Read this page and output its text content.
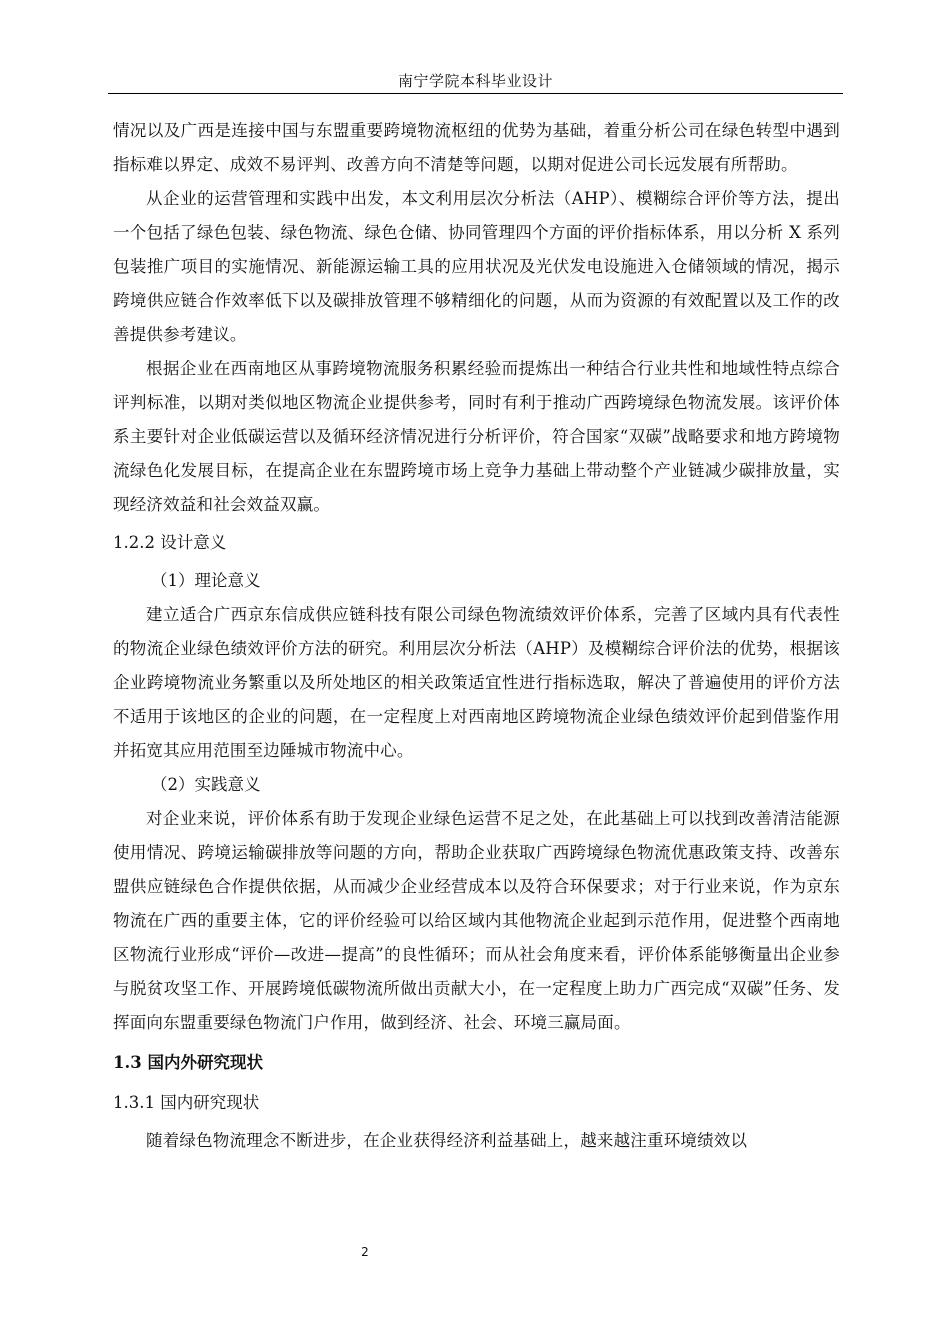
南宁学院本科毕业设计

情况以及广西是连接中国与东盟重要跨境物流枢纽的优势为基础，着重分析公司在绿色转型中遇到指标难以界定、成效不易评判、改善方向不清楚等问题，以期对促进公司长远发展有所帮助。

从企业的运营管理和实践中出发，本文利用层次分析法（AHP）、模糊综合评价等方法，提出一个包括了绿色包装、绿色物流、绿色仓储、协同管理四个方面的评价指标体系，用以分析 X 系列包装推广项目的实施情况、新能源运输工具的应用状况及光伏发电设施进入仓储领域的情况，揭示跨境供应链合作效率低下以及碳排放管理不够精细化的问题，从而为资源的有效配置以及工作的改善提供参考建议。

根据企业在西南地区从事跨境物流服务积累经验而提炼出一种结合行业共性和地域性特点综合评判标准，以期对类似地区物流企业提供参考，同时有利于推动广西跨境绿色物流发展。该评价体系主要针对企业低碳运营以及循环经济情况进行分析评价，符合国家“双碳”战略要求和地方跨境物流绿色化发展目标，在提高企业在东盟跨境市场上竞争力基础上带动整个产业链减少碳排放量，实现经济效益和社会效益双赢。

1.2.2 设计意义
（1）理论意义

建立适合广西京东信成供应链科技有限公司绿色物流绩效评价体系，完善了区域内具有代表性的物流企业绿色绩效评价方法的研究。利用层次分析法（AHP）及模糊综合评价法的优势，根据该企业跨境物流业务繁重以及所处地区的相关政策适宜性进行指标选取，解决了普遍使用的评价方法不适用于该地区的企业的问题，在一定程度上对西南地区跨境物流企业绿色绩效评价起到借鉴作用并拓宽其应用范围至边陲城市物流中心。

（2）实践意义

对企业来说，评价体系有助于发现企业绿色运营不足之处，在此基础上可以找到改善清洁能源使用情况、跨境运输碳排放等问题的方向，帮助企业获取广西跨境绿色物流优惠政策支持、改善东盟供应链绿色合作提供依据，从而减少企业经营成本以及符合环保要求；对于行业来说，作为京东物流在广西的重要主体，它的评价经验可以给区域内其他物流企业起到示范作用，促进整个西南地区物流行业形成“评价—改进—提高”的良性循环；而从社会角度来看，评价体系能够衡量出企业参与脱贫攻坚工作、开展跨境低碳物流所做出贡献大小，在一定程度上助力广西完成“双碳”任务、发挥面向东盟重要绿色物流门户作用，做到经济、社会、环境三赢局面。

1.3 国内外研究现状
1.3.1 国内研究现状

随着绿色物流理念不断进步，在企业获得经济利益基础上，越来越注重环境绩效以

2
